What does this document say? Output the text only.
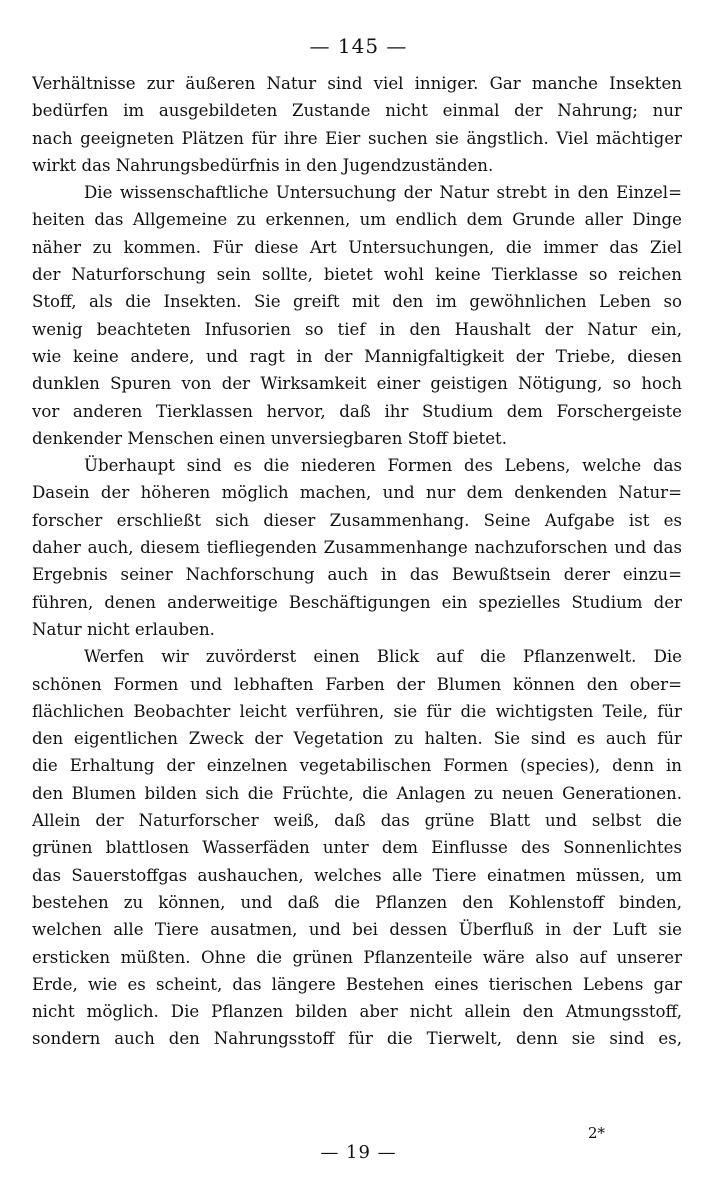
— 145 —
Verhältnisse zur äußeren Natur sind viel inniger. Gar manche Insekten
bedürfen im ausgebildeten Zustande nicht einmal der Nahrung; nur
nach geeigneten Plätzen für ihre Eier suchen sie ängstlich. Viel mächtiger
wirkt das Nahrungsbedürfnis in den Jugendzuständen.
Die wissenschaftliche Untersuchung der Natur strebt in den Einzel=
heiten das Allgemeine zu erkennen, um endlich dem Grunde aller Dinge
näher zu kommen. Für diese Art Untersuchungen, die immer das Ziel
der Naturforschung sein sollte, bietet wohl keine Tierklasse so reichen
Stoff, als die Insekten. Sie greift mit den im gewöhnlichen Leben so
wenig beachteten Infusorien so tief in den Haushalt der Natur ein,
wie keine andere, und ragt in der Mannigfaltigkeit der Triebe, diesen
dunklen Spuren von der Wirksamkeit einer geistigen Nötigung, so hoch
vor anderen Tierklassen hervor, daß ihr Studium dem Forschergeiste
denkender Menschen einen unversiegbaren Stoff bietet.
Überhaupt sind es die niederen Formen des Lebens, welche das
Dasein der höheren möglich machen, und nur dem denkenden Natur=
forscher erschließt sich dieser Zusammenhang. Seine Aufgabe ist es
daher auch, diesem tiefliegenden Zusammenhange nachzuforschen und das
Ergebnis seiner Nachforschung auch in das Bewußtsein derer einzu=
führen, denen anderweitige Beschäftigungen ein spezielles Studium der
Natur nicht erlauben.
Werfen wir zuvörderst einen Blick auf die Pflanzenwelt. Die
schönen Formen und lebhaften Farben der Blumen können den ober=
flächlichen Beobachter leicht verführen, sie für die wichtigsten Teile, für
den eigentlichen Zweck der Vegetation zu halten. Sie sind es auch für
die Erhaltung der einzelnen vegetabilischen Formen (species), denn in
den Blumen bilden sich die Früchte, die Anlagen zu neuen Generationen.
Allein der Naturforscher weiß, daß das grüne Blatt und selbst die
grünen blattlosen Wasserfäden unter dem Einflusse des Sonnenlichtes
das Sauerstoffgas aushauchen, welches alle Tiere einatmen müssen, um
bestehen zu können, und daß die Pflanzen den Kohlenstoff binden,
welchen alle Tiere ausatmen, und bei dessen Überfluß in der Luft sie
ersticken müßten. Ohne die grünen Pflanzenteile wäre also auf unserer
Erde, wie es scheint, das längere Bestehen eines tierischen Lebens gar
nicht möglich. Die Pflanzen bilden aber nicht allein den Atmungsstoff,
sondern auch den Nahrungsstoff für die Tierwelt, denn sie sind es,
2*
— 19 —
